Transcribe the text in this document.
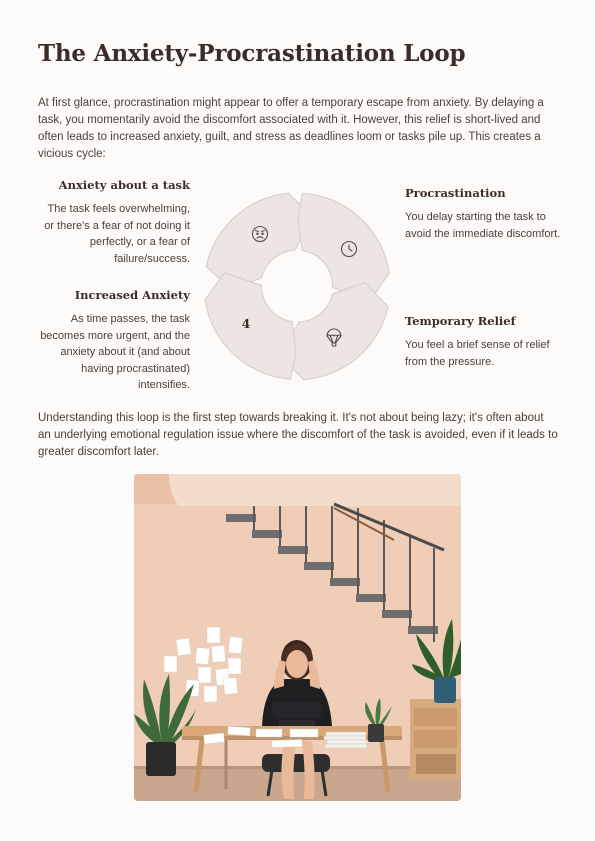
The Anxiety-Procrastination Loop

At first glance, procrastination might appear to offer a temporary escape from anxiety. By delaying a task, you momentarily avoid the discomfort associated with it. However, this relief is short-lived and often leads to increased anxiety, guilt, and stress as deadlines loom or tasks pile up. This creates a vicious cycle:

Anxiety about a task

The task feels overwhelming, or there's a fear of not doing it perfectly, or a fear of failure/success.

Procrastination

You delay starting the task to avoid the immediate discomfort.

Increased Anxiety

As time passes, the task becomes more urgent, and the anxiety about it (and about having procrastinated) intensifies.

Temporary Relief

You feel a brief sense of relief from the pressure.

4

Understanding this loop is the first step towards breaking it. It's not about being lazy; it's often about an underlying emotional regulation issue where the discomfort of the task is avoided, even if it leads to greater discomfort later.
